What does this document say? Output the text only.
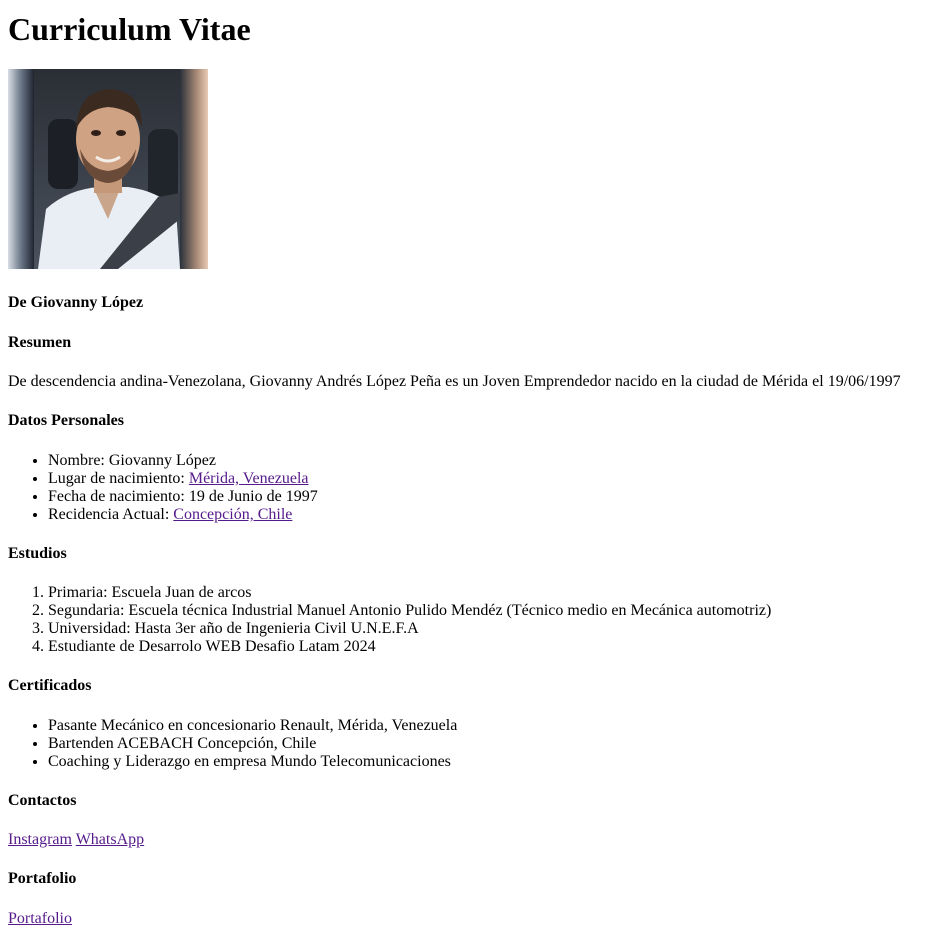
Curriculum Vitae
De Giovanny López
Resumen
De descendencia andina-Venezolana, Giovanny Andrés López Peña es un Joven Emprendedor nacido en la ciudad de Mérida el 19/06/1997
Datos Personales
• Nombre: Giovanny López
• Lugar de nacimiento: Mérida, Venezuela
• Fecha de nacimiento: 19 de Junio de 1997
• Recidencia Actual: Concepción, Chile
Estudios
1. Primaria: Escuela Juan de arcos
2. Segundaria: Escuela técnica Industrial Manuel Antonio Pulido Mendéz (Técnico medio en Mecánica automotriz)
3. Universidad: Hasta 3er año de Ingenieria Civil U.N.E.F.A
4. Estudiante de Desarrolo WEB Desafio Latam 2024
Certificados
• Pasante Mecánico en concesionario Renault, Mérida, Venezuela
• Bartenden ACEBACH Concepción, Chile
• Coaching y Liderazgo en empresa Mundo Telecomunicaciones
Contactos
Instagram WhatsApp
Portafolio
Portafolio
